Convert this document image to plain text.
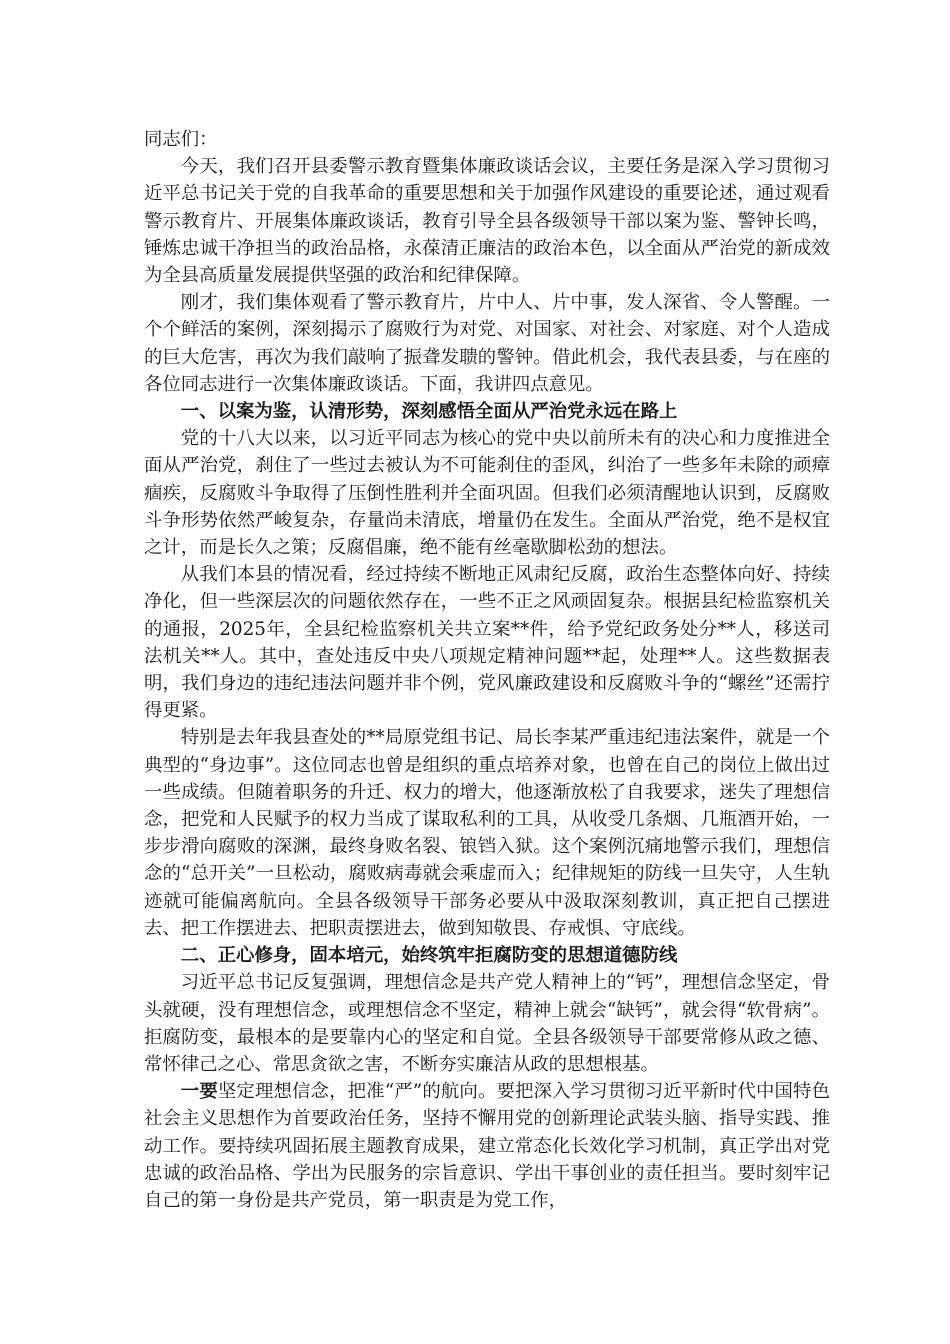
同志们：

今天，我们召开县委警示教育暨集体廉政谈话会议，主要任务是深入学习贯彻习近平总书记关于党的自我革命的重要思想和关于加强作风建设的重要论述，通过观看警示教育片、开展集体廉政谈话，教育引导全县各级领导干部以案为鉴、警钟长鸣，锤炼忠诚干净担当的政治品格，永葆清正廉洁的政治本色，以全面从严治党的新成效为全县高质量发展提供坚强的政治和纪律保障。

刚才，我们集体观看了警示教育片，片中人、片中事，发人深省、令人警醒。一个个鲜活的案例，深刻揭示了腐败行为对党、对国家、对社会、对家庭、对个人造成的巨大危害，再次为我们敲响了振聋发聩的警钟。借此机会，我代表县委，与在座的各位同志进行一次集体廉政谈话。下面，我讲四点意见。

一、以案为鉴，认清形势，深刻感悟全面从严治党永远在路上

党的十八大以来，以习近平同志为核心的党中央以前所未有的决心和力度推进全面从严治党，刹住了一些过去被认为不可能刹住的歪风，纠治了一些多年未除的顽瘴痼疾，反腐败斗争取得了压倒性胜利并全面巩固。但我们必须清醒地认识到，反腐败斗争形势依然严峻复杂，存量尚未清底，增量仍在发生。全面从严治党，绝不是权宜之计，而是长久之策；反腐倡廉，绝不能有丝毫歇脚松劲的想法。

从我们本县的情况看，经过持续不断地正风肃纪反腐，政治生态整体向好、持续净化，但一些深层次的问题依然存在，一些不正之风顽固复杂。根据县纪检监察机关的通报，2025年，全县纪检监察机关共立案**件，给予党纪政务处分**人，移送司法机关**人。其中，查处违反中央八项规定精神问题**起，处理**人。这些数据表明，我们身边的违纪违法问题并非个例，党风廉政建设和反腐败斗争的“螺丝”还需拧得更紧。

特别是去年我县查处的**局原党组书记、局长李某严重违纪违法案件，就是一个典型的“身边事”。这位同志也曾是组织的重点培养对象，也曾在自己的岗位上做出过一些成绩。但随着职务的升迁、权力的增大，他逐渐放松了自我要求，迷失了理想信念，把党和人民赋予的权力当成了谋取私利的工具，从收受几条烟、几瓶酒开始，一步步滑向腐败的深渊，最终身败名裂、锒铛入狱。这个案例沉痛地警示我们，理想信念的“总开关”一旦松动，腐败病毒就会乘虚而入；纪律规矩的防线一旦失守，人生轨迹就可能偏离航向。全县各级领导干部务必要从中汲取深刻教训，真正把自己摆进去、把工作摆进去、把职责摆进去，做到知敬畏、存戒惧、守底线。

二、正心修身，固本培元，始终筑牢拒腐防变的思想道德防线

习近平总书记反复强调，理想信念是共产党人精神上的“钙”，理想信念坚定，骨头就硬，没有理想信念，或理想信念不坚定，精神上就会“缺钙”，就会得“软骨病”。拒腐防变，最根本的是要靠内心的坚定和自觉。全县各级领导干部要常修从政之德、常怀律己之心、常思贪欲之害，不断夯实廉洁从政的思想根基。

一要坚定理想信念，把准“严”的航向。要把深入学习贯彻习近平新时代中国特色社会主义思想作为首要政治任务，坚持不懈用党的创新理论武装头脑、指导实践、推动工作。要持续巩固拓展主题教育成果，建立常态化长效化学习机制，真正学出对党忠诚的政治品格、学出为民服务的宗旨意识、学出干事创业的责任担当。要时刻牢记自己的第一身份是共产党员，第一职责是为党工作，
